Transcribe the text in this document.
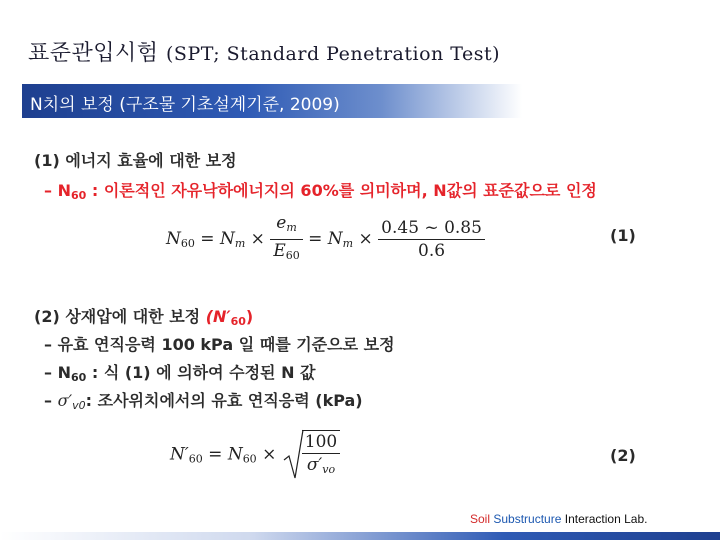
표준관입시험 (SPT; Standard Penetration Test)
N치의 보정 (구조물 기초설계기준, 2009)
(1) 에너지 효율에 대한 보정
– $N_{60}$ : 이론적인 자유낙하에너지의 60%를 의미하며, N값의 표준값으로 인정
$N_{60} = N_m \times \frac{e_m}{E_{60}} = N_m \times \frac{0.45 \sim 0.85}{0.6}$	(1)
(2) 상재압에 대한 보정 $(N'_{60})$
– 유효 연직응력 100 kPa 일 때를 기준으로 보정
– $N_{60}$ : 식 (1) 에 의하여 수정된 N 값
– $\sigma'_{v0}$: 조사위치에서의 유효 연직응력 (kPa)
$N'_{60} = N_{60} \times \frac{100}{\sigma'_{vo}}$	(2)
Soil Substructure Interaction Lab.
